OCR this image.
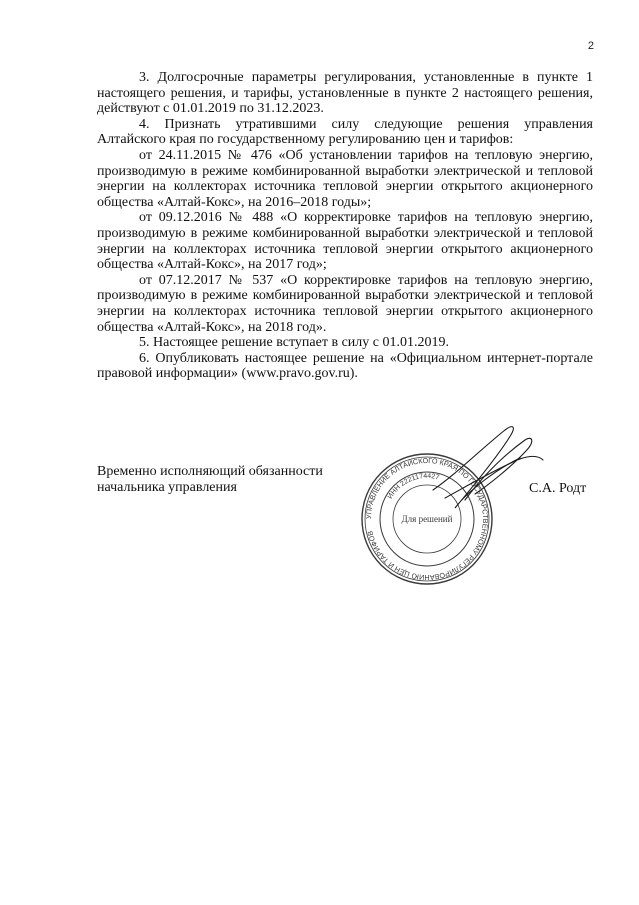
2

3. Долгосрочные параметры регулирования, установленные в пункте 1 настоящего решения, и тарифы, установленные в пункте 2 настоящего решения, действуют с 01.01.2019 по 31.12.2023.

4. Признать утратившими силу следующие решения управления Алтайского края по государственному регулированию цен и тарифов:

от 24.11.2015 № 476 «Об установлении тарифов на тепловую энергию, производимую в режиме комбинированной выработки электрической и тепловой энергии на коллекторах источника тепловой энергии открытого акционерного общества «Алтай-Кокс», на 2016–2018 годы»;

от 09.12.2016 № 488 «О корректировке тарифов на тепловую энергию, производимую в режиме комбинированной выработки электрической и тепловой энергии на коллекторах источника тепловой энергии открытого акционерного общества «Алтай-Кокс», на 2017 год»;

от 07.12.2017 № 537 «О корректировке тарифов на тепловую энергию, производимую в режиме комбинированной выработки электрической и тепловой энергии на коллекторах источника тепловой энергии открытого акционерного общества «Алтай-Кокс», на 2018 год».

5. Настоящее решение вступает в силу с 01.01.2019.

6. Опубликовать настоящее решение на «Официальном интернет-портале правовой информации» (www.pravo.gov.ru).

Временно исполняющий обязанности
начальника управления
УПРАВЛЕНИЕ АЛТАЙСКОГО КРАЯ ПО ГОСУДАРСТВЕННОМУ РЕГУЛИРОВАНИЮ ЦЕН И ТАРИФОВ
ИНН 2221174427
Для решений
С.А. Родт
